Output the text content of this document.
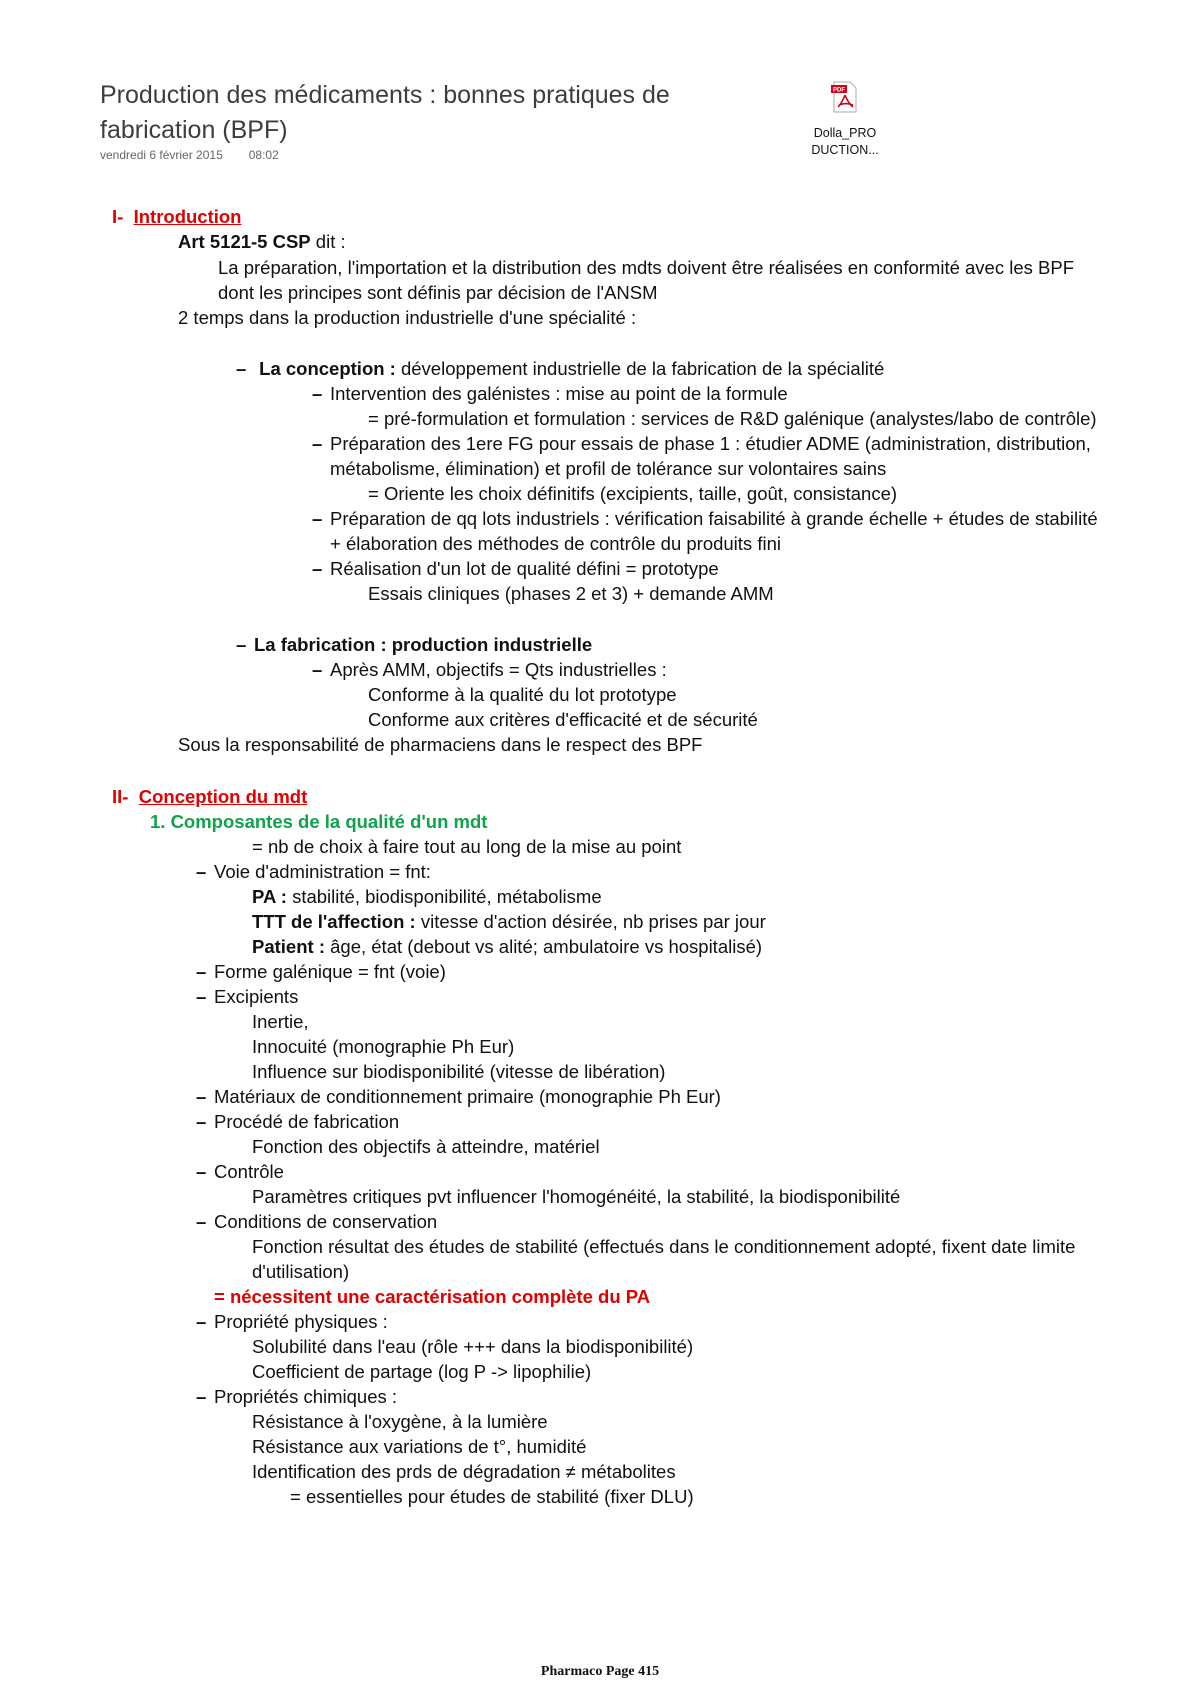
Production des médicaments : bonnes pratiques de fabrication (BPF)
vendredi 6 février 2015 08:02
PDF
Dolla_PRO
DUCTION...
I- Introduction
Art 5121-5 CSP dit :
La préparation, l'importation et la distribution des mdts doivent être réalisées en conformité avec les BPF
dont les principes sont définis par décision de l'ANSM
2 temps dans la production industrielle d'une spécialité :
– La conception : développement industrielle de la fabrication de la spécialité
– Intervention des galénistes : mise au point de la formule
= pré-formulation et formulation : services de R&D galénique (analystes/labo de contrôle)
– Préparation des 1ere FG pour essais de phase 1 : étudier ADME (administration, distribution,
métabolisme, élimination) et profil de tolérance sur volontaires sains
= Oriente les choix définitifs (excipients, taille, goût, consistance)
– Préparation de qq lots industriels : vérification faisabilité à grande échelle + études de stabilité
+ élaboration des méthodes de contrôle du produits fini
– Réalisation d'un lot de qualité défini = prototype
Essais cliniques (phases 2 et 3) + demande AMM
– La fabrication : production industrielle
– Après AMM, objectifs = Qts industrielles :
Conforme à la qualité du lot prototype
Conforme aux critères d'efficacité et de sécurité
Sous la responsabilité de pharmaciens dans le respect des BPF
II- Conception du mdt
1. Composantes de la qualité d'un mdt
= nb de choix à faire tout au long de la mise au point
– Voie d'administration = fnt:
PA : stabilité, biodisponibilité, métabolisme
TTT de l'affection : vitesse d'action désirée, nb prises par jour
Patient : âge, état (debout vs alité; ambulatoire vs hospitalisé)
– Forme galénique = fnt (voie)
– Excipients
Inertie,
Innocuité (monographie Ph Eur)
Influence sur biodisponibilité (vitesse de libération)
– Matériaux de conditionnement primaire (monographie Ph Eur)
– Procédé de fabrication
Fonction des objectifs à atteindre, matériel
– Contrôle
Paramètres critiques pvt influencer l'homogénéité, la stabilité, la biodisponibilité
– Conditions de conservation
Fonction résultat des études de stabilité (effectués dans le conditionnement adopté, fixent date limite
d'utilisation)
= nécessitent une caractérisation complète du PA
– Propriété physiques :
Solubilité dans l'eau (rôle +++ dans la biodisponibilité)
Coefficient de partage (log P -> lipophilie)
– Propriétés chimiques :
Résistance à l'oxygène, à la lumière
Résistance aux variations de t°, humidité
Identification des prds de dégradation ≠ métabolites
= essentielles pour études de stabilité (fixer DLU)
Pharmaco Page 415
